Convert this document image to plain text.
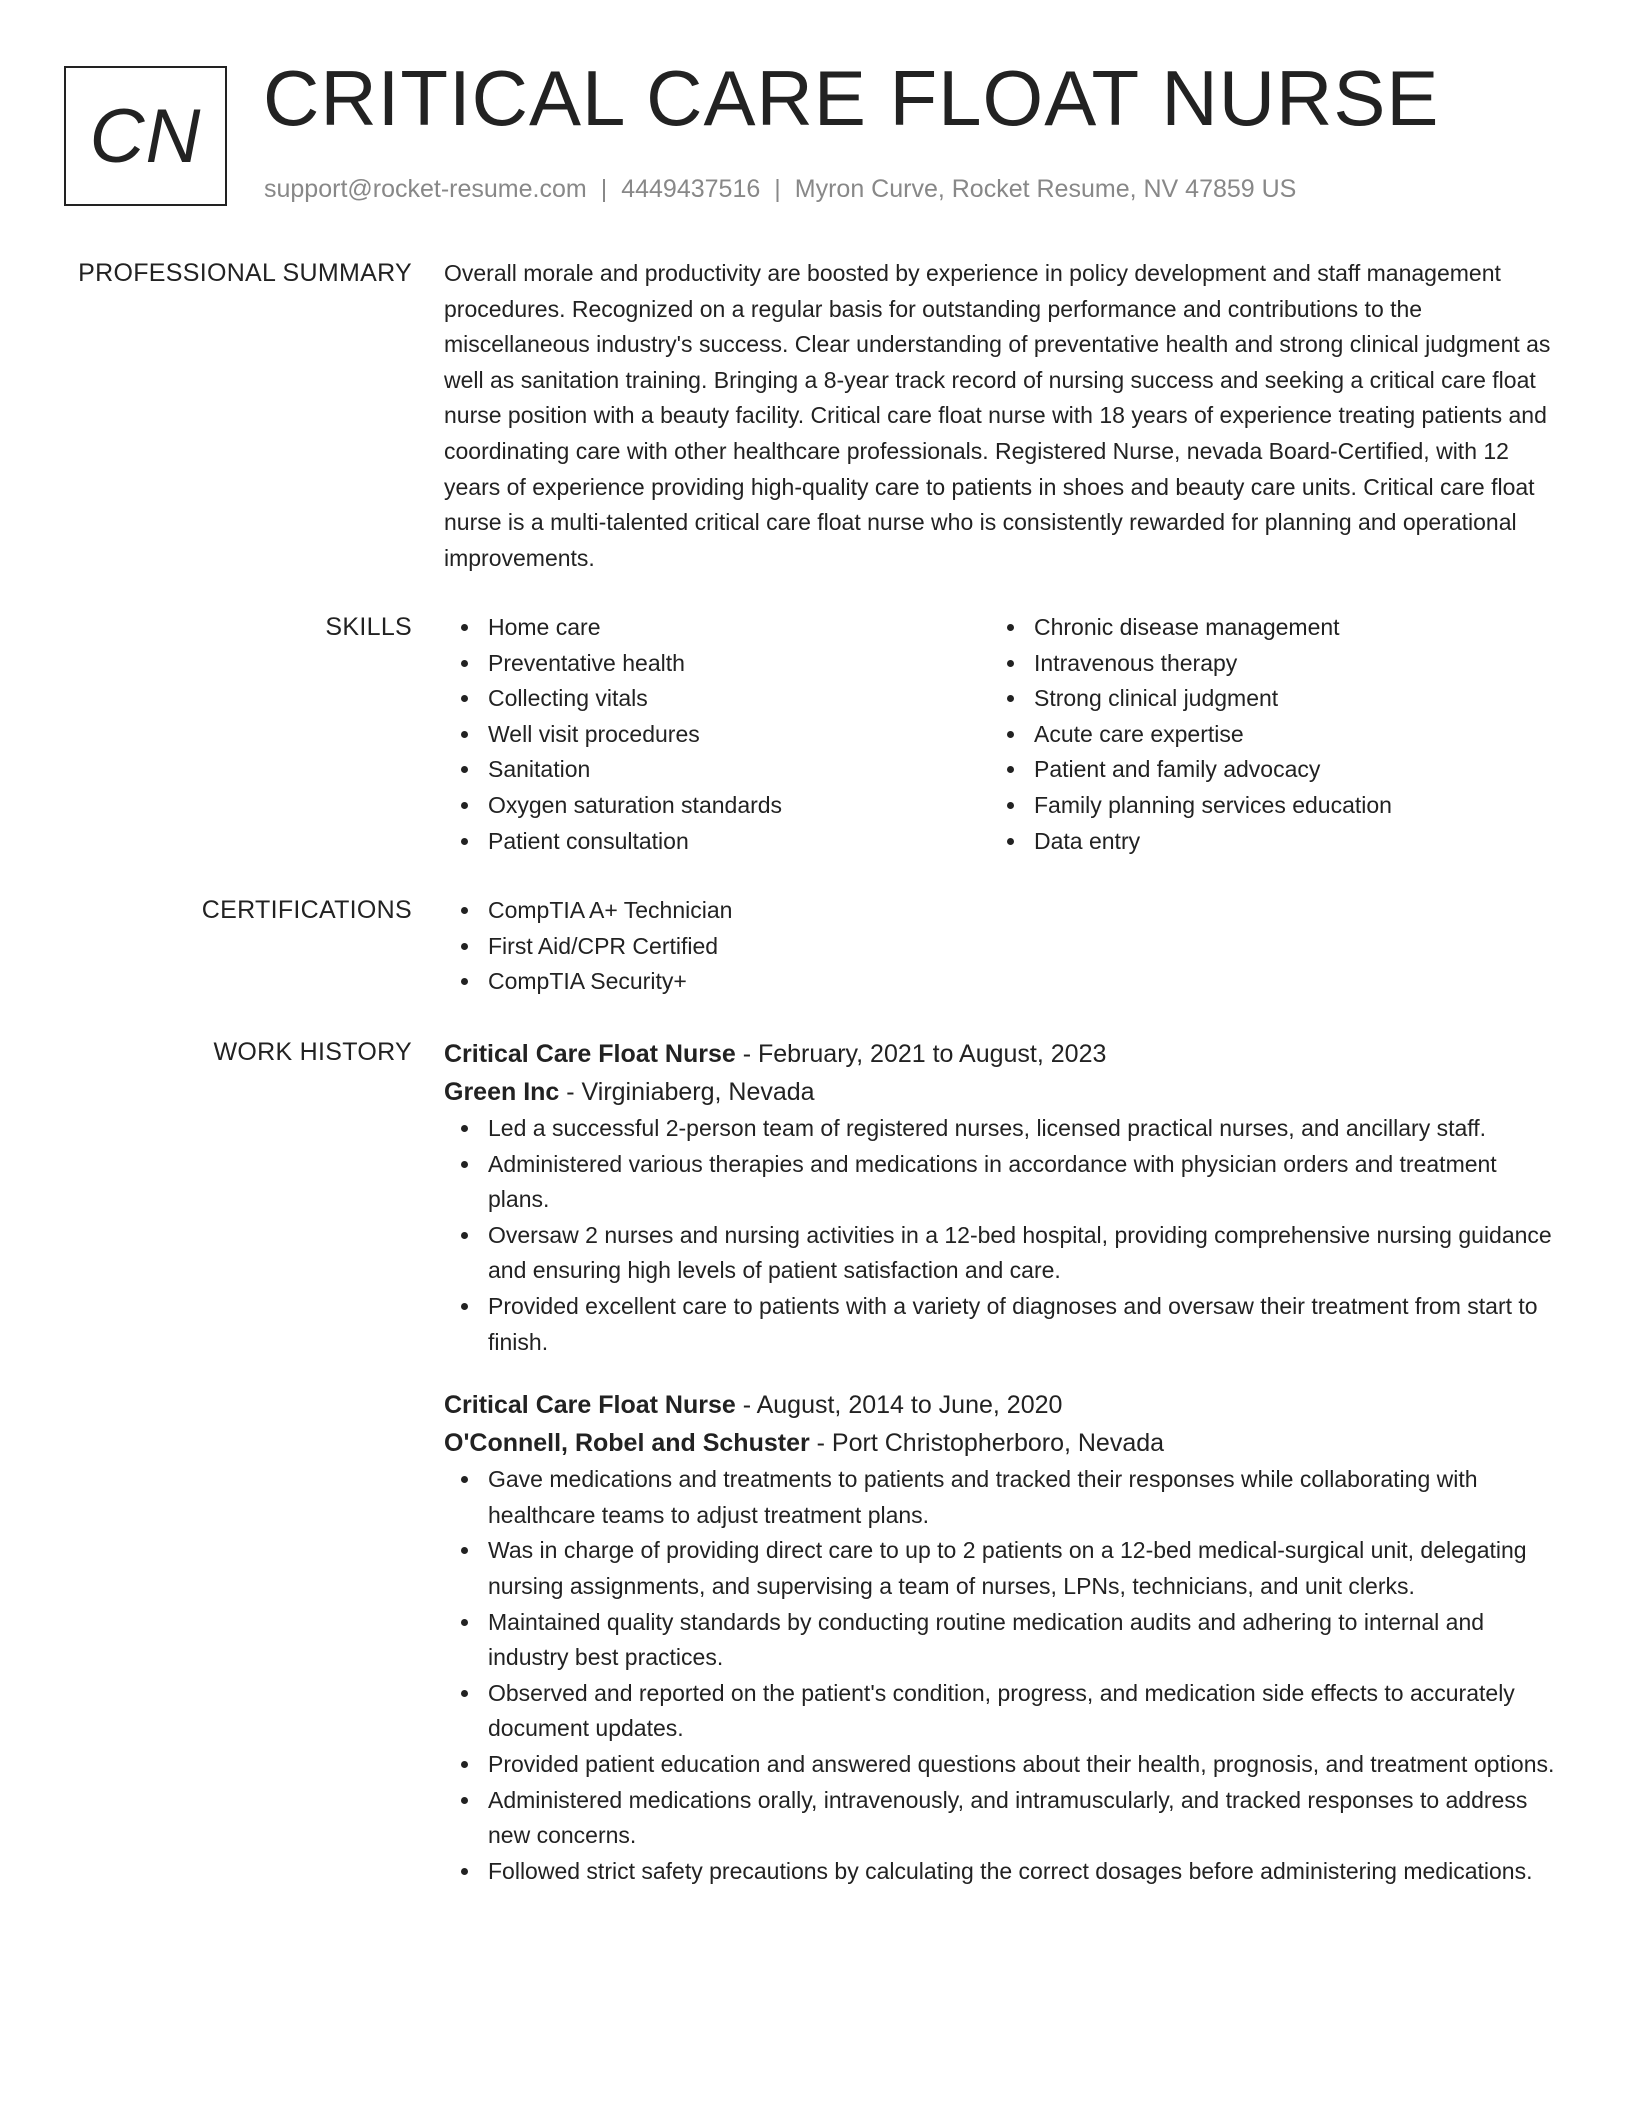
CN CRITICAL CARE FLOAT NURSE
support@rocket-resume.com | 4449437516 | Myron Curve, Rocket Resume, NV 47859 US
PROFESSIONAL SUMMARY Overall morale and productivity are boosted by experience in policy development and staff management procedures. Recognized on a regular basis for outstanding performance and contributions to the miscellaneous industry's success. Clear understanding of preventative health and strong clinical judgment as well as sanitation training. Bringing a 8-year track record of nursing success and seeking a critical care float nurse position with a beauty facility. Critical care float nurse with 18 years of experience treating patients and coordinating care with other healthcare professionals. Registered Nurse, nevada Board-Certified, with 12 years of experience providing high-quality care to patients in shoes and beauty care units. Critical care float nurse is a multi-talented critical care float nurse who is consistently rewarded for planning and operational improvements.

SKILLS	Home care
Preventative health
Collecting vitals
Well visit procedures
Sanitation
Oxygen saturation standards
Patient consultation
Chronic disease management
Intravenous therapy
Strong clinical judgment
Acute care expertise
Patient and family advocacy
Family planning services education
Data entry
CERTIFICATIONS	CompTIA A+ Technician
First Aid/CPR Certified
CompTIA Security+
WORK HISTORY Critical Care Float Nurse - February, 2021 to August, 2023
Green Inc - Virginiaberg, Nevada
Led a successful 2-person team of registered nurses, licensed practical nurses, and ancillary staff.
Administered various therapies and medications in accordance with physician orders and treatment plans.
Oversaw 2 nurses and nursing activities in a 12-bed hospital, providing comprehensive nursing guidance and ensuring high levels of patient satisfaction and care.
Provided excellent care to patients with a variety of diagnoses and oversaw their treatment from start to finish.
Critical Care Float Nurse - August, 2014 to June, 2020
O'Connell, Robel and Schuster - Port Christopherboro, Nevada
Gave medications and treatments to patients and tracked their responses while collaborating with healthcare teams to adjust treatment plans.
Was in charge of providing direct care to up to 2 patients on a 12-bed medical-surgical unit, delegating nursing assignments, and supervising a team of nurses, LPNs, technicians, and unit clerks.
Maintained quality standards by conducting routine medication audits and adhering to internal and industry best practices.
Observed and reported on the patient's condition, progress, and medication side effects to accurately document updates.
Provided patient education and answered questions about their health, prognosis, and treatment options.
Administered medications orally, intravenously, and intramuscularly, and tracked responses to address new concerns.
Followed strict safety precautions by calculating the correct dosages before administering medications.
